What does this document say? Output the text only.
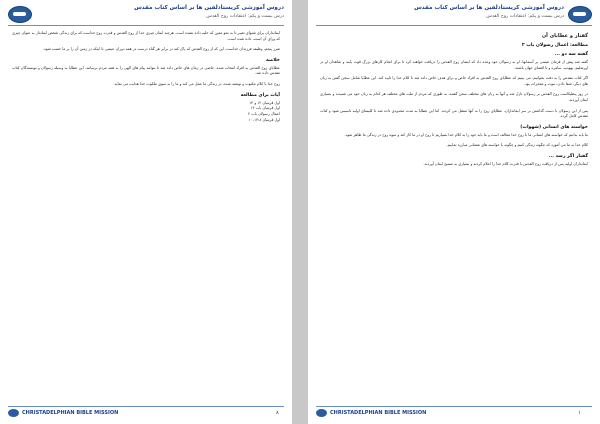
دروس آموزشی کریستادلفین ها بر اساس کتاب مقدس
درس بیست و یکم: اعتقادات روح القدس

ایمانداران برای شنوای تغییر تا به نحو معین که خلیه داده نشده است. هرچند ایمان چیزی جدا از روح القدس و قدرت روح خداست که برای زندگی شخص ایماندار به عنوان چیزی که ورای آن است، داده شده است.

ضرر پنجم، وظیفه فرزندان خداست، این که از روح القدس که پاک کند در برابر هر گناه درست در همه دوران عیسی تا اینکه در زمین آن را بر ما حسب شود.

خلاصه

عطایای روح القدس به افراد انتخاب شده، خاصی در زمان های خاص داده شد تا بتوانند پیام های الهی را به همه مردم برسانند. این عطایا به وسیله رسولان و نویسندگان کتاب مقدس داده شد.

روح خدا با کلام مکتوب و نوشته شده، در زندگی ما عمل می کند و ما را به سوی ملکوت خدا هدایت می نماید.

آیات برای مطالعه
اول قرنتیان ۱۲ و ۱۳
اول قرنتیان باب ۱۴
اعمال رسولان باب ۲
اول قرنتیان ۱۳:۸-۱۰
CHRISTADELPHIAN BIBLE MISSION	۸
دروس آموزشی کریستادلفین ها بر اساس کتاب مقدس
درس بیست و یکم: اعتقادات روح القدس
گفتار و عطایای آن
مطالعه: اعمال رسولان باب ۲
گفته سه دو ...

گفته شد پیش از فرمان عیسی بر آسمانها، او به رسولان خود وعده داد که ایشان روح القدس را دریافت خواهند کرد تا برای انجام کارهای بزرگ قوت یابند و شاهدان او در اورشلیم، یهودیه، سامره و تا اقصای جهان باشند.

اگر کتاب مقدس را به دقت بخوانیم، می بینیم که عطایای روح القدس به افراد خاص و برای هدف خاص داده شد تا کلام خدا را تایید کند. این عطایا شامل سخن گفتن به زبان های دیگر، شفا دادن، نبوت و معجزات بود.

در روز پنطیکاست روح القدس بر رسولان نازل شد و آنها به زبان های مختلف سخن گفتند، به طوری که مردم از ملت های مختلف هر کدام به زبان خود می شنیدند و بسیاری ایمان آوردند.

پس از این رسولان با دست گذاشتن بر سر ایمانداران، عطایای روح را به آنها منتقل می کردند. اما این عطایا به مدت محدودی داده شد تا کلیسای اولیه تاسیس شود و کتاب مقدس کامل گردد.

خواسته های انسانی (شهوات)

ما باید بدانیم که خواسته های انسانی ما با روح خدا مخالف است و ما باید خود را به کلام خدا بسپاریم تا روح او در ما کار کند و میوه روح در زندگی ما ظاهر شود.

کلام خدا به ما می آموزد که چگونه زندگی کنیم و چگونه با خواسته های نفسانی مبارزه نماییم.

گفتار اگر رسد ...

ایمانداران اولیه پس از دریافت روح القدس با قدرت کلام خدا را اعلام کردند و بسیاری به مسیح ایمان آوردند.

CHRISTADELPHIAN BIBLE MISSION	۱
